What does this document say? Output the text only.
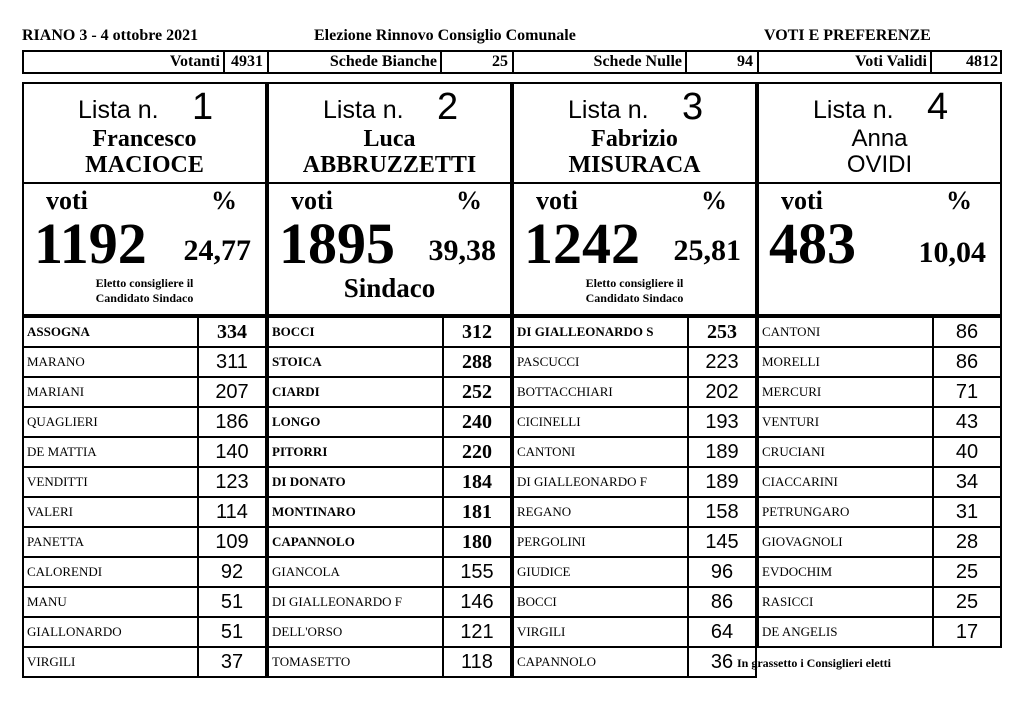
RIANO 3 - 4 ottobre 2021	Elezione Rinnovo Consiglio Comunale	VOTI E PREFERENZE
Votanti 4931	Schede Bianche	25	Schede Nulle	94	Voti Validi	4812
Lista n. 1
Francesco
MACIOCE
voti	%
1192 24,77
Eletto consigliere il
Candidato Sindaco
ASSOGNA	334
MARANO	311
MARIANI	207
QUAGLIERI	186
DE MATTIA	140
VENDITTI	123
VALERI	114
PANETTA	109
CALORENDI	92
MANU	51
GIALLONARDO	51
VIRGILI	37
Lista n. 2
Luca
ABBRUZZETTI
voti	%
1895 39,38
Sindaco
BOCCI	312
STOICA	288
CIARDI	252
LONGO	240
PITORRI	220
DI DONATO	184
MONTINARO	181
CAPANNOLO	180
GIANCOLA	155
DI GIALLEONARDO F	146
DELL'ORSO	121
TOMASETTO	118
Lista n. 3
Fabrizio
MISURACA
voti	%
1242 25,81
Eletto consigliere il
Candidato Sindaco
DI GIALLEONARDO S	253
PASCUCCI	223
BOTTACCHIARI	202
CICINELLI	193
CANTONI	189
DI GIALLEONARDO F	189
REGANO	158
PERGOLINI	145
GIUDICE	96
BOCCI	86
VIRGILI	64
CAPANNOLO	36
Lista n. 4
Anna
OVIDI
voti	%
483 10,04
CANTONI	86
MORELLI	86
MERCURI	71
VENTURI	43
CRUCIANI	40
CIACCARINI	34
PETRUNGARO	31
GIOVAGNOLI	28
EVDOCHIM	25
RASICCI	25
DE ANGELIS	17
In grassetto i Consiglieri eletti
